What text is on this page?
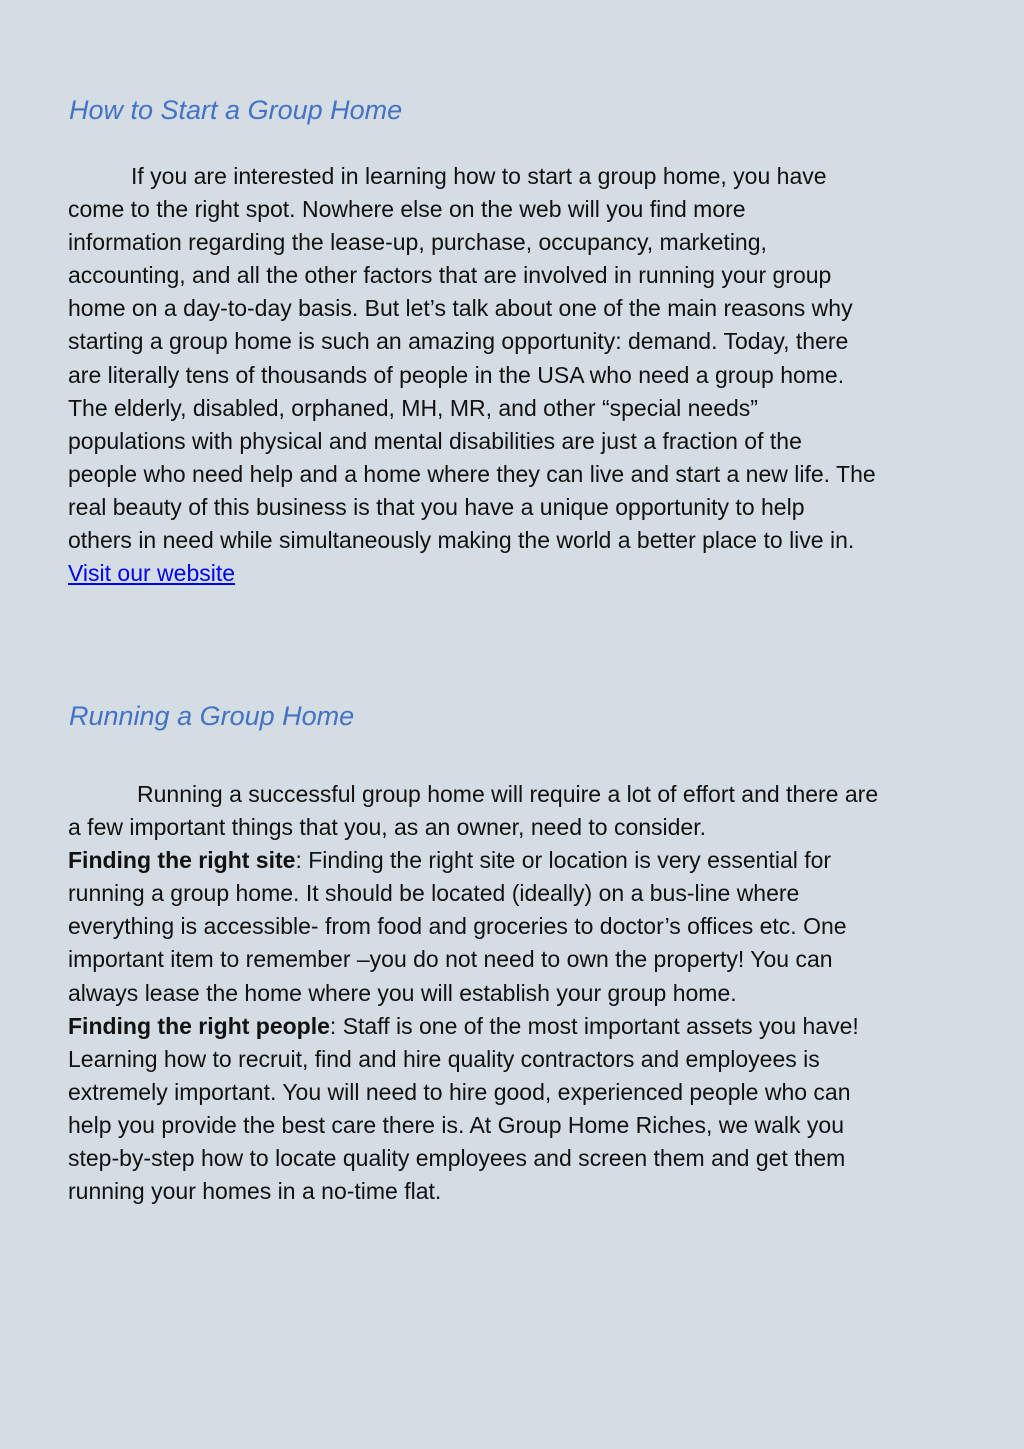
How to Start a Group Home
If you are interested in learning how to start a group home, you have
come to the right spot. Nowhere else on the web will you find more
information regarding the lease-up, purchase, occupancy, marketing,
accounting, and all the other factors that are involved in running your group
home on a day-to-day basis. But let’s talk about one of the main reasons why
starting a group home is such an amazing opportunity: demand. Today, there
are literally tens of thousands of people in the USA who need a group home.
The elderly, disabled, orphaned, MH, MR, and other “special needs”
populations with physical and mental disabilities are just a fraction of the
people who need help and a home where they can live and start a new life. The
real beauty of this business is that you have a unique opportunity to help
others in need while simultaneously making the world a better place to live in.
Visit our website
Running a Group Home
Running a successful group home will require a lot of effort and there are
a few important things that you, as an owner, need to consider.
Finding the right site: Finding the right site or location is very essential for
running a group home. It should be located (ideally) on a bus-line where
everything is accessible- from food and groceries to doctor’s offices etc. One
important item to remember –you do not need to own the property! You can
always lease the home where you will establish your group home.
Finding the right people: Staff is one of the most important assets you have!
Learning how to recruit, find and hire quality contractors and employees is
extremely important. You will need to hire good, experienced people who can
help you provide the best care there is. At Group Home Riches, we walk you
step-by-step how to locate quality employees and screen them and get them
running your homes in a no-time flat.
